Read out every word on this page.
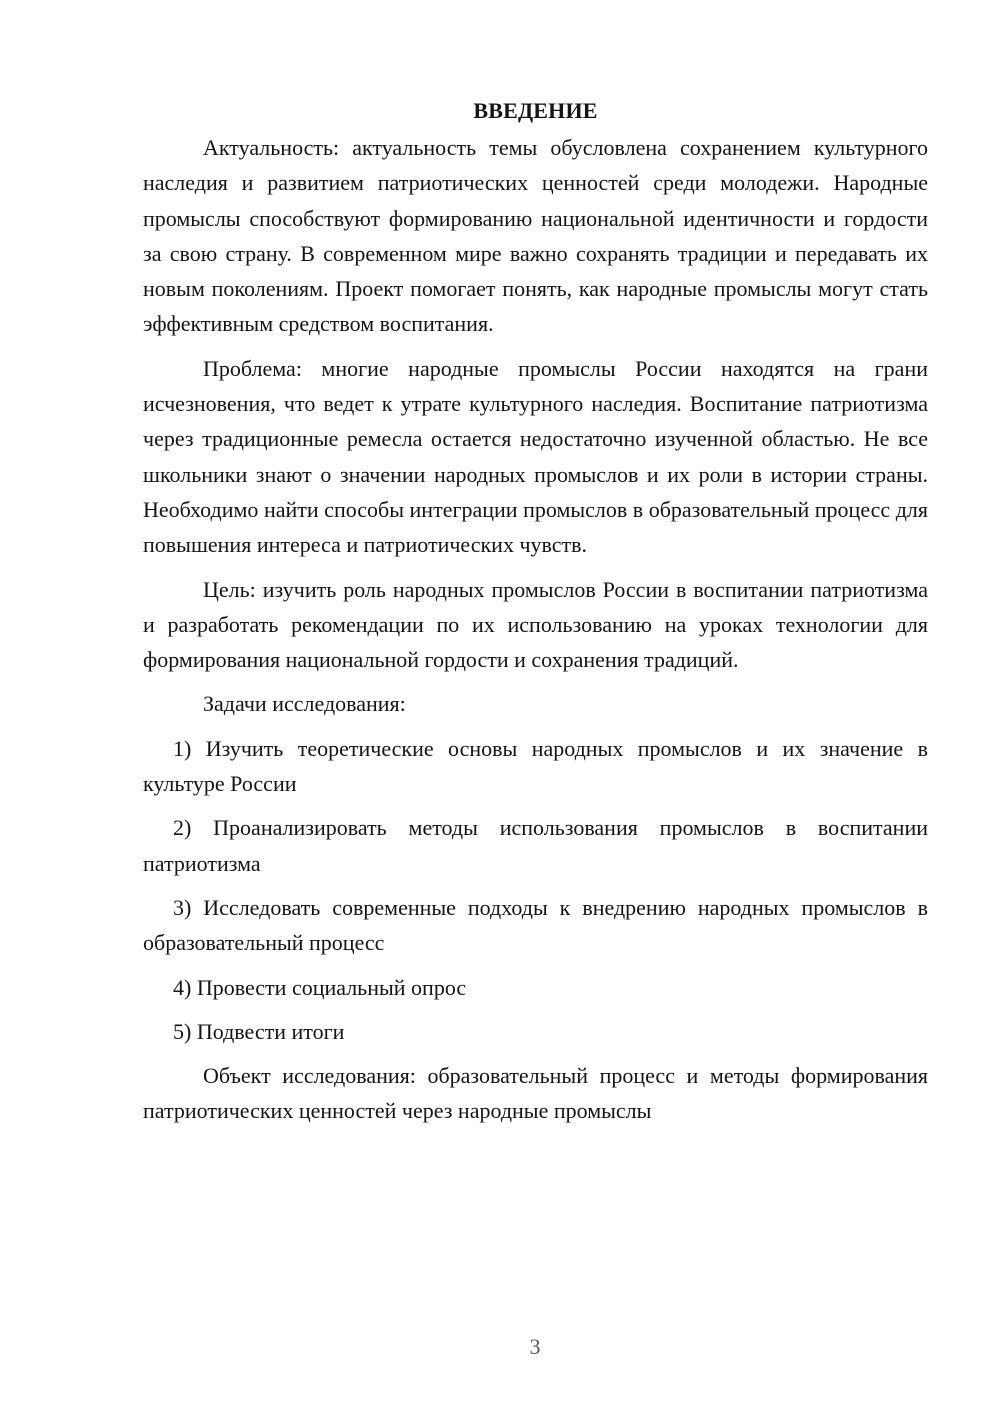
ВВЕДЕНИЕ

Актуальность: актуальность темы обусловлена сохранением культурного наследия и развитием патриотических ценностей среди молодежи. Народные промыслы способствуют формированию национальной идентичности и гордости за свою страну. В современном мире важно сохранять традиции и передавать их новым поколениям. Проект помогает понять, как народные промыслы могут стать эффективным средством воспитания.

Проблема: многие народные промыслы России находятся на грани исчезновения, что ведет к утрате культурного наследия. Воспитание патриотизма через традиционные ремесла остается недостаточно изученной областью. Не все школьники знают о значении народных промыслов и их роли в истории страны. Необходимо найти способы интеграции промыслов в образовательный процесс для повышения интереса и патриотических чувств.

Цель: изучить роль народных промыслов России в воспитании патриотизма и разработать рекомендации по их использованию на уроках технологии для формирования национальной гордости и сохранения традиций.

Задачи исследования:

1) Изучить теоретические основы народных промыслов и их значение в культуре России

2) Проанализировать методы использования промыслов в воспитании патриотизма

3) Исследовать современные подходы к внедрению народных промыслов в образовательный процесс

4) Провести социальный опрос

5) Подвести итоги

Объект исследования: образовательный процесс и методы формирования патриотических ценностей через народные промыслы

3
